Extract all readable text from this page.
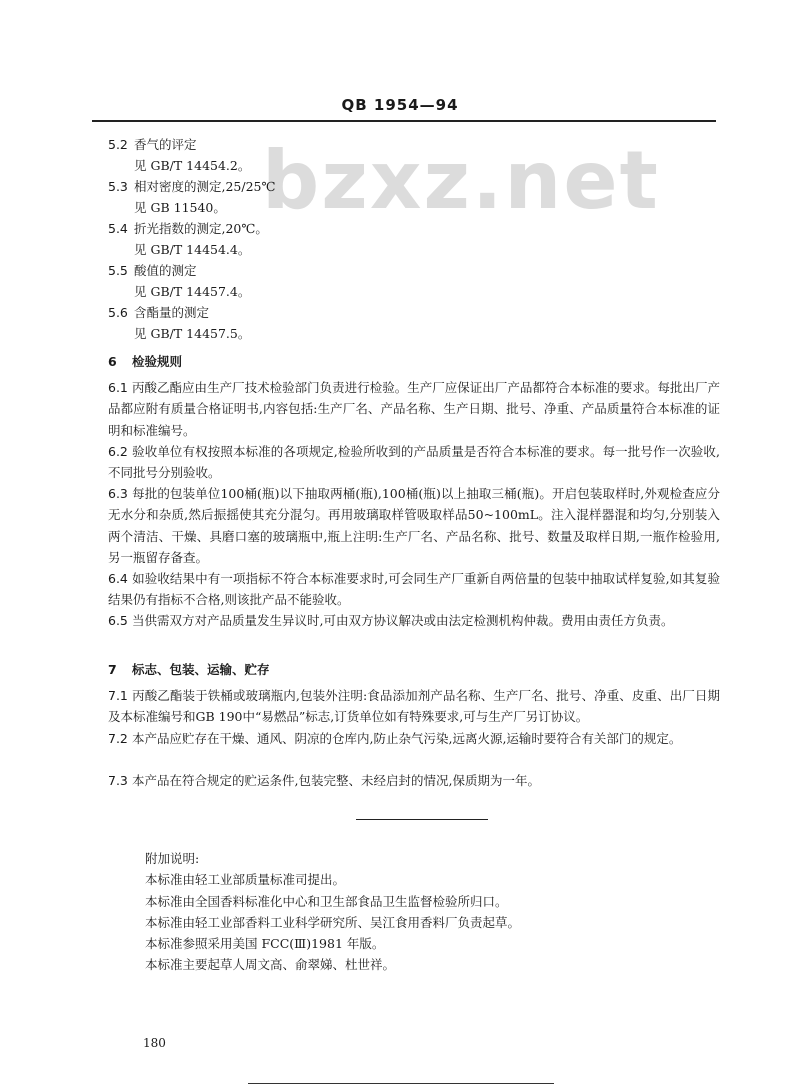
QB 1954—94
bzxz.net
5.2 香气的评定
见 GB/T 14454.2。
5.3 相对密度的测定,25/25℃
见 GB 11540。
5.4 折光指数的测定,20℃。
见 GB/T 14454.4。
5.5 酸值的测定
见 GB/T 14457.4。
5.6 含酯量的测定
见 GB/T 14457.5。
6 检验规则
6.1 丙酸乙酯应由生产厂技术检验部门负责进行检验。生产厂应保证出厂产品都符合本标准的要求。每批出厂产品都应附有质量合格证明书,内容包括:生产厂名、产品名称、生产日期、批号、净重、产品质量符合本标准的证明和标准编号。
6.2 验收单位有权按照本标准的各项规定,检验所收到的产品质量是否符合本标准的要求。每一批号作一次验收,不同批号分别验收。
6.3 每批的包装单位100桶(瓶)以下抽取两桶(瓶),100桶(瓶)以上抽取三桶(瓶)。开启包装取样时,外观检查应分无水分和杂质,然后振摇使其充分混匀。再用玻璃取样管吸取样品50~100mL。注入混样器混和均匀,分别装入两个清洁、干燥、具磨口塞的玻璃瓶中,瓶上注明:生产厂名、产品名称、批号、数量及取样日期,一瓶作检验用,另一瓶留存备查。
6.4 如验收结果中有一项指标不符合本标准要求时,可会同生产厂重新自两倍量的包装中抽取试样复验,如其复验结果仍有指标不合格,则该批产品不能验收。
6.5 当供需双方对产品质量发生异议时,可由双方协议解决或由法定检测机构仲裁。费用由责任方负责。
7 标志、包装、运输、贮存
7.1 丙酸乙酯装于铁桶或玻璃瓶内,包装外注明:食品添加剂产品名称、生产厂名、批号、净重、皮重、出厂日期及本标准编号和GB 190中“易燃品”标志,订货单位如有特殊要求,可与生产厂另订协议。
7.2 本产品应贮存在干燥、通风、阴凉的仓库内,防止杂气污染,远离火源,运输时要符合有关部门的规定。
7.3 本产品在符合规定的贮运条件,包装完整、未经启封的情况,保质期为一年。
附加说明:
本标准由轻工业部质量标准司提出。
本标准由全国香料标准化中心和卫生部食品卫生监督检验所归口。
本标准由轻工业部香料工业科学研究所、吴江食用香料厂负责起草。
本标准参照采用美国 FCC(Ⅲ)1981 年版。
本标准主要起草人周文高、俞翠娣、杜世祥。
180
